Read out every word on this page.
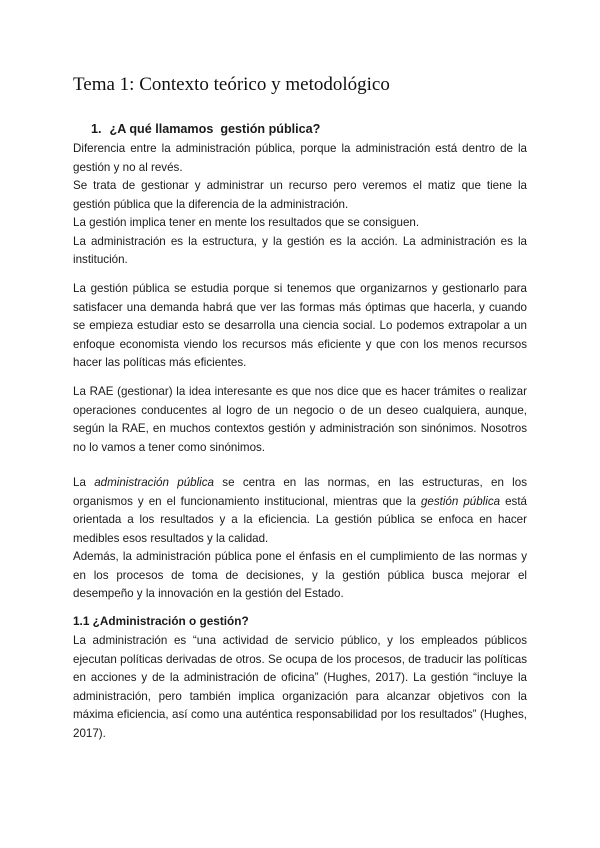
Tema 1: Contexto teórico y metodológico
1. ¿A qué llamamos  gestión pública?

Diferencia entre la administración pública, porque la administración está dentro de la gestión y no al revés.

Se trata de gestionar y administrar un recurso pero veremos el matiz que tiene la gestión pública que la diferencia de la administración.

La gestión implica tener en mente los resultados que se consiguen.

La administración es la estructura, y la gestión es la acción. La administración es la institución.

La gestión pública se estudia porque si tenemos que organizarnos y gestionarlo para satisfacer una demanda habrá que ver las formas más óptimas que hacerla, y cuando se empieza estudiar esto se desarrolla una ciencia social. Lo podemos extrapolar a un enfoque economista viendo los recursos más eficiente y que con los menos recursos hacer las políticas más eficientes.

La RAE (gestionar) la idea interesante es que nos dice que es hacer trámites o realizar operaciones conducentes al logro de un negocio o de un deseo cualquiera, aunque, según la RAE, en muchos contextos gestión y administración son sinónimos. Nosotros no lo vamos a tener como sinónimos.

La administración pública se centra en las normas, en las estructuras, en los organismos y en el funcionamiento institucional, mientras que la gestión pública está orientada a los resultados y a la eficiencia. La gestión pública se enfoca en hacer medibles esos resultados y la calidad.

Además, la administración pública pone el énfasis en el cumplimiento de las normas y en los procesos de toma de decisiones, y la gestión pública busca mejorar el desempeño y la innovación en la gestión del Estado.

1.1 ¿Administración o gestión?

La administración es “una actividad de servicio público, y los empleados públicos ejecutan políticas derivadas de otros. Se ocupa de los procesos, de traducir las políticas en acciones y de la administración de oficina” (Hughes, 2017). La gestión “incluye la administración, pero también implica organización para alcanzar objetivos con la máxima eficiencia, así como una auténtica responsabilidad por los resultados” (Hughes, 2017).
